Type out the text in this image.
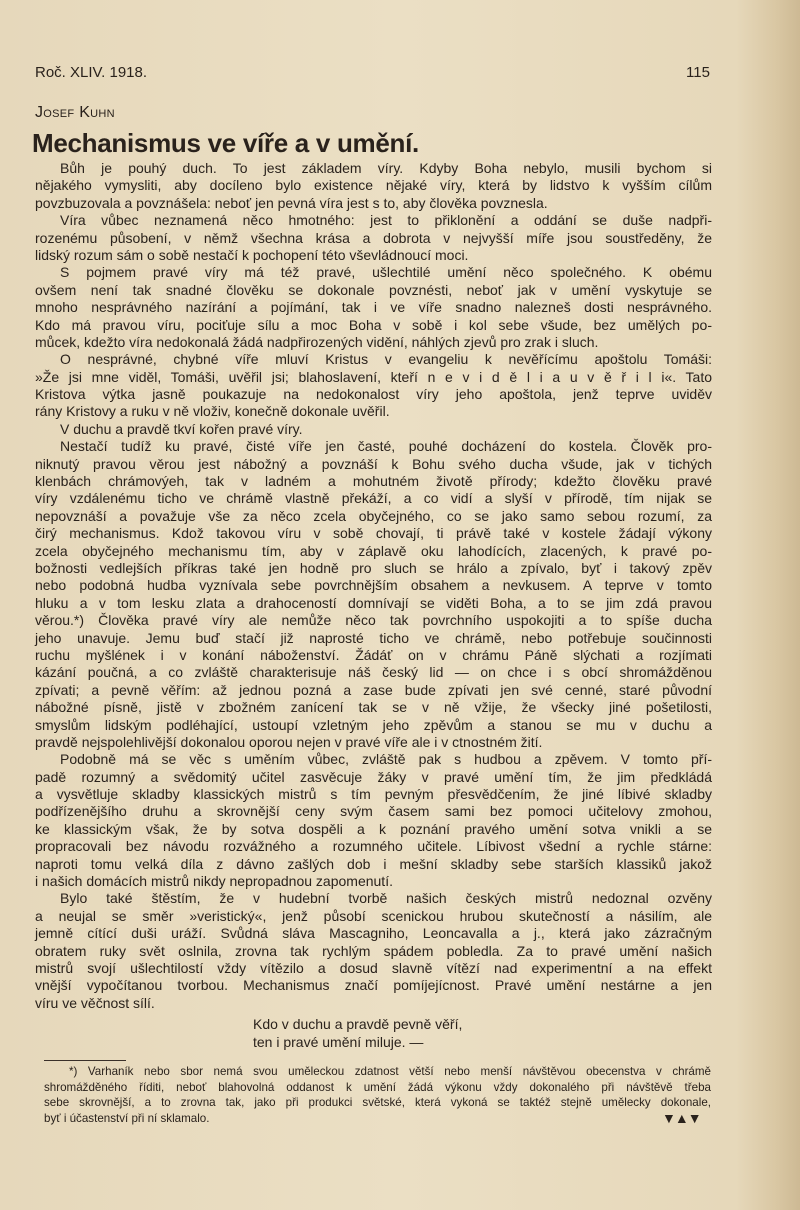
Roč. XLIV. 1918.	115
Josef Kuhn
Mechanismus ve víře a v umění.
Bůh je pouhý duch. To jest základem víry. Kdyby Boha nebylo, musili bychom si
nějakého vymysliti, aby docíleno bylo existence nějaké víry, která by lidstvo k vyšším cílům
povzbuzovala a povznášela: neboť jen pevná víra jest s to, aby člověka povznesla.
Víra vůbec neznamená něco hmotného: jest to přiklonění a oddání se duše nadpři-
rozenému působení, v němž všechna krása a dobrota v nejvyšší míře jsou soustředěny, že
lidský rozum sám o sobě nestačí k pochopení této vševládnoucí moci.
S pojmem pravé víry má též pravé, ušlechtilé umění něco společného. K obému
ovšem není tak snadné člověku se dokonale povznésti, neboť jak v umění vyskytuje se
mnoho nesprávného nazírání a pojímání, tak i ve víře snadno nalezneš dosti nesprávného.
Kdo má pravou víru, pociťuje sílu a moc Boha v sobě i kol sebe všude, bez umělých po-
můcek, kdežto víra nedokonalá žádá nadpřirozených vidění, náhlých zjevů pro zrak i sluch.
O nesprávné, chybné víře mluví Kristus v evangeliu k nevěřícímu apoštolu Tomáši:
»Že jsi mne viděl, Tomáši, uvěřil jsi; blahoslavení, kteří n e v i d ě l i a u v ě ř i l i«. Tato
Kristova výtka jasně poukazuje na nedokonalost víry jeho apoštola, jenž teprve uviděv
rány Kristovy a ruku v ně vloživ, konečně dokonale uvěřil.
V duchu a pravdě tkví kořen pravé víry.
Nestačí tudíž ku pravé, čisté víře jen časté, pouhé docházení do kostela. Člověk pro-
niknutý pravou věrou jest nábožný a povznáší k Bohu svého ducha všude, jak v tichých
klenbách chrámovýeh, tak v ladném a mohutném životě přírody; kdežto člověku pravé
víry vzdálenému ticho ve chrámě vlastně překáží, a co vidí a slyší v přírodě, tím nijak se
nepovznáší a považuje vše za něco zcela obyčejného, co se jako samo sebou rozumí, za
čirý mechanismus. Kdož takovou víru v sobě chovají, ti právě také v kostele žádají výkony
zcela obyčejného mechanismu tím, aby v záplavě oku lahodících, zlacených, k pravé po-
božnosti vedlejších příkras také jen hodně pro sluch se hrálo a zpívalo, byť i takový zpěv
nebo podobná hudba vyznívala sebe povrchnějším obsahem a nevkusem. A teprve v tomto
hluku a v tom lesku zlata a drahoceností domnívají se viděti Boha, a to se jim zdá pravou
věrou.*) Člověka pravé víry ale nemůže něco tak povrchního uspokojiti a to spíše ducha
jeho unavuje. Jemu buď stačí již naprosté ticho ve chrámě, nebo potřebuje součinnosti
ruchu myšlének i v konání náboženství. Žádáť on v chrámu Páně slýchati a rozjímati
kázání poučná, a co zvláště charakterisuje náš český lid — on chce i s obcí shromážděnou
zpívati; a pevně věřím: až jednou pozná a zase bude zpívati jen své cenné, staré původní
nábožné písně, jistě v zbožném zanícení tak se v ně vžije, že všecky jiné pošetilosti,
smyslům lidským podléhající, ustoupí vzletným jeho zpěvům a stanou se mu v duchu a
pravdě nejspolehlivější dokonalou oporou nejen v pravé víře ale i v ctnostném žití.
Podobně má se věc s uměním vůbec, zvláště pak s hudbou a zpěvem. V tomto pří-
padě rozumný a svědomitý učitel zasvěcuje žáky v pravé umění tím, že jim předkládá
a vysvětluje skladby klassických mistrů s tím pevným přesvědčením, že jiné líbivé skladby
podřízenějšího druhu a skrovnější ceny svým časem sami bez pomoci učitelovy zmohou,
ke klassickým však, že by sotva dospěli a k poznání pravého umění sotva vnikli a se
propracovali bez návodu rozvážného a rozumného učitele. Líbivost všední a rychle stárne:
naproti tomu velká díla z dávno zašlých dob i mešní skladby sebe starších klassiků jakož
i našich domácích mistrů nikdy nepropadnou zapomenutí.
Bylo také štěstím, že v hudební tvorbě našich českých mistrů nedoznal ozvěny
a neujal se směr »veristický«, jenž působí scenickou hrubou skutečností a násilím, ale
jemně cítící duši uráží. Svůdná sláva Mascagniho, Leoncavalla a j., která jako zázračným
obratem ruky svět oslnila, zrovna tak rychlým spádem pobledla. Za to pravé umění našich
mistrů svojí ušlechtilostí vždy vítězilo a dosud slavně vítězí nad experimentní a na effekt
vnější vypočítanou tvorbou. Mechanismus značí pomíjejícnost. Pravé umění nestárne a jen
víru ve věčnost sílí.
Kdo v duchu a pravdě pevně věří,
ten i pravé umění miluje. —
*) Varhaník nebo sbor nemá svou uměleckou zdatnost větší nebo menší návštěvou obecenstva v chrámě
shromážděného říditi, neboť blahovolná oddanost k umění žádá výkonu vždy dokonalého při návštěvě třeba
sebe skrovnější, a to zrovna tak, jako při produkci světské, která vykoná se taktéž stejně umělecky dokonale,
byť i účastenství při ní sklamalo.	▼▲▼
